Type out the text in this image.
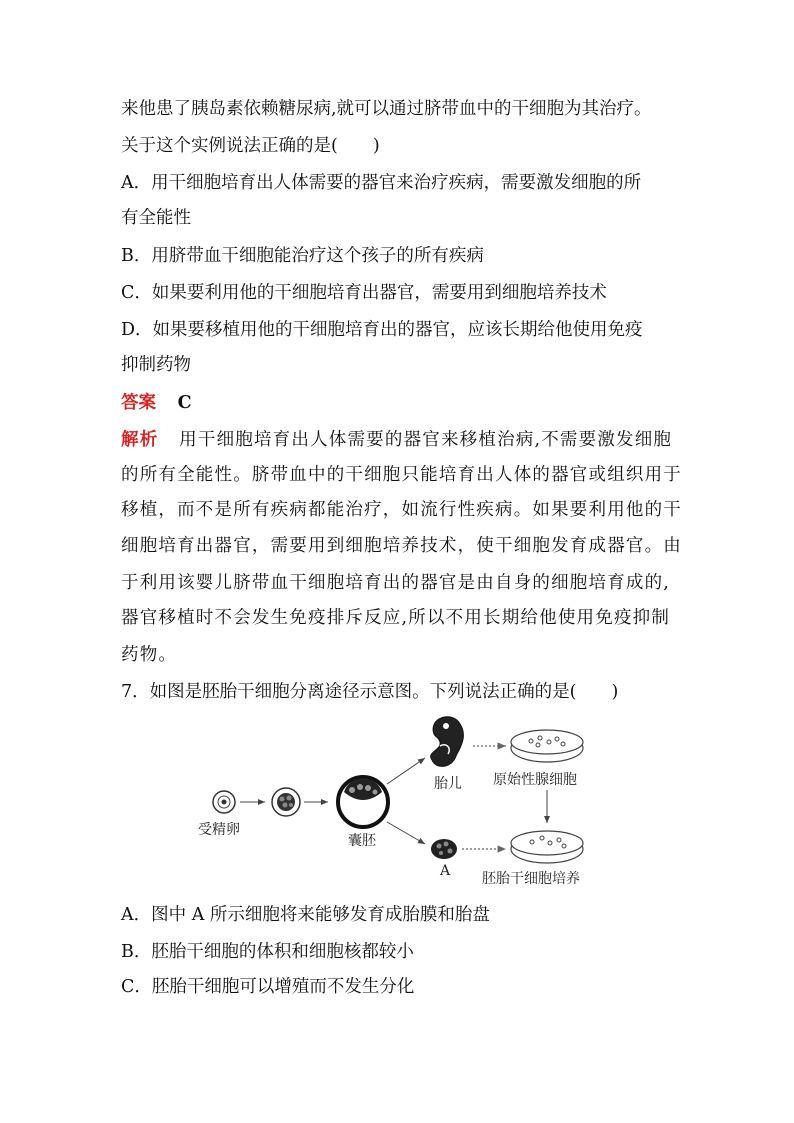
来他患了胰岛素依赖糖尿病,就可以通过脐带血中的干细胞为其治疗。
关于这个实例说法正确的是(　　)
A．用干细胞培育出人体需要的器官来治疗疾病，需要激发细胞的所
有全能性
B．用脐带血干细胞能治疗这个孩子的所有疾病
C．如果要利用他的干细胞培育出器官，需要用到细胞培养技术
D．如果要移植用他的干细胞培育出的器官，应该长期给他使用免疫
抑制药物
答案 C
解析 用干细胞培育出人体需要的器官来移植治病,不需要激发细胞
的所有全能性。脐带血中的干细胞只能培育出人体的器官或组织用于
移植，而不是所有疾病都能治疗，如流行性疾病。如果要利用他的干
细胞培育出器官，需要用到细胞培养技术，使干细胞发育成器官。由
于利用该婴儿脐带血干细胞培育出的器官是由自身的细胞培育成的,
器官移植时不会发生免疫排斥反应,所以不用长期给他使用免疫抑制
药物。
7．如图是胚胎干细胞分离途径示意图。下列说法正确的是(　　)
受精卵
囊胚
胎儿
A
原始性腺细胞
胚胎干细胞培养
A．图中 A 所示细胞将来能够发育成胎膜和胎盘
B．胚胎干细胞的体积和细胞核都较小
C．胚胎干细胞可以增殖而不发生分化
